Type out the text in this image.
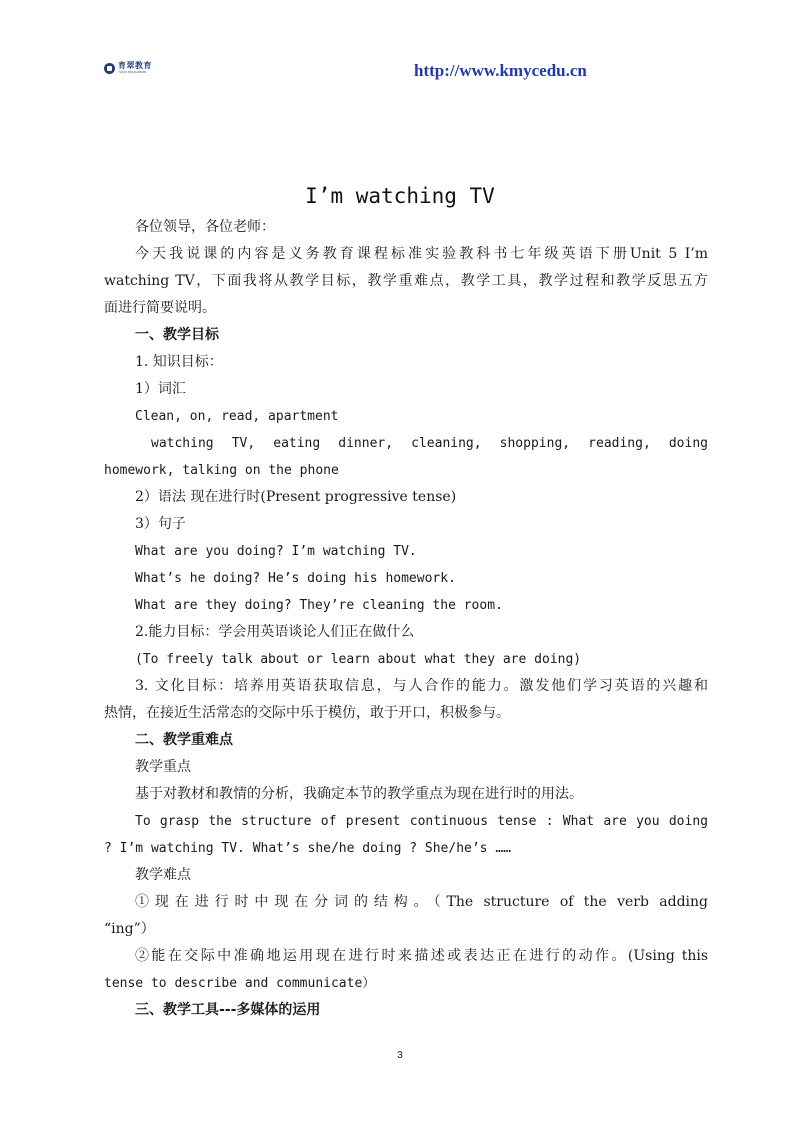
育翠教育
YUCUI EDUCATION	http://www.kmycedu.cn
I’m watching TV
各位领导，各位老师：
今天我说课的内容是义务教育课程标准实验教科书七年级英语下册Unit 5 I’m
watching TV，下面我将从教学目标，教学重难点，教学工具，教学过程和教学反思五方
面进行简要说明。
一、教学目标
1. 知识目标：
1）词汇
Clean, on, read, apartment
watching TV, eating dinner, cleaning, shopping, reading, doing
homework, talking on the phone
2）语法 现在进行时(Present progressive tense)
3）句子
What are you doing? I’m watching TV.
What’s he doing? He’s doing his homework.
What are they doing? They’re cleaning the room.
2.能力目标：学会用英语谈论人们正在做什么
(To freely talk about or learn about what they are doing)
3. 文化目标：培养用英语获取信息，与人合作的能力。激发他们学习英语的兴趣和
热情，在接近生活常态的交际中乐于模仿，敢于开口，积极参与。
二、教学重难点
教学重点
基于对教材和教情的分析，我确定本节的教学重点为现在进行时的用法。
To grasp the structure of present continuous tense : What are you doing
? I’m watching TV. What’s she/he doing ? She/he’s ……
教学难点
①现在进行时中现在分词的结构。（The structure of the verb adding
“ing”）
②能在交际中准确地运用现在进行时来描述或表达正在进行的动作。(Using this
tense to describe and communicate）
三、教学工具---多媒体的运用
3
